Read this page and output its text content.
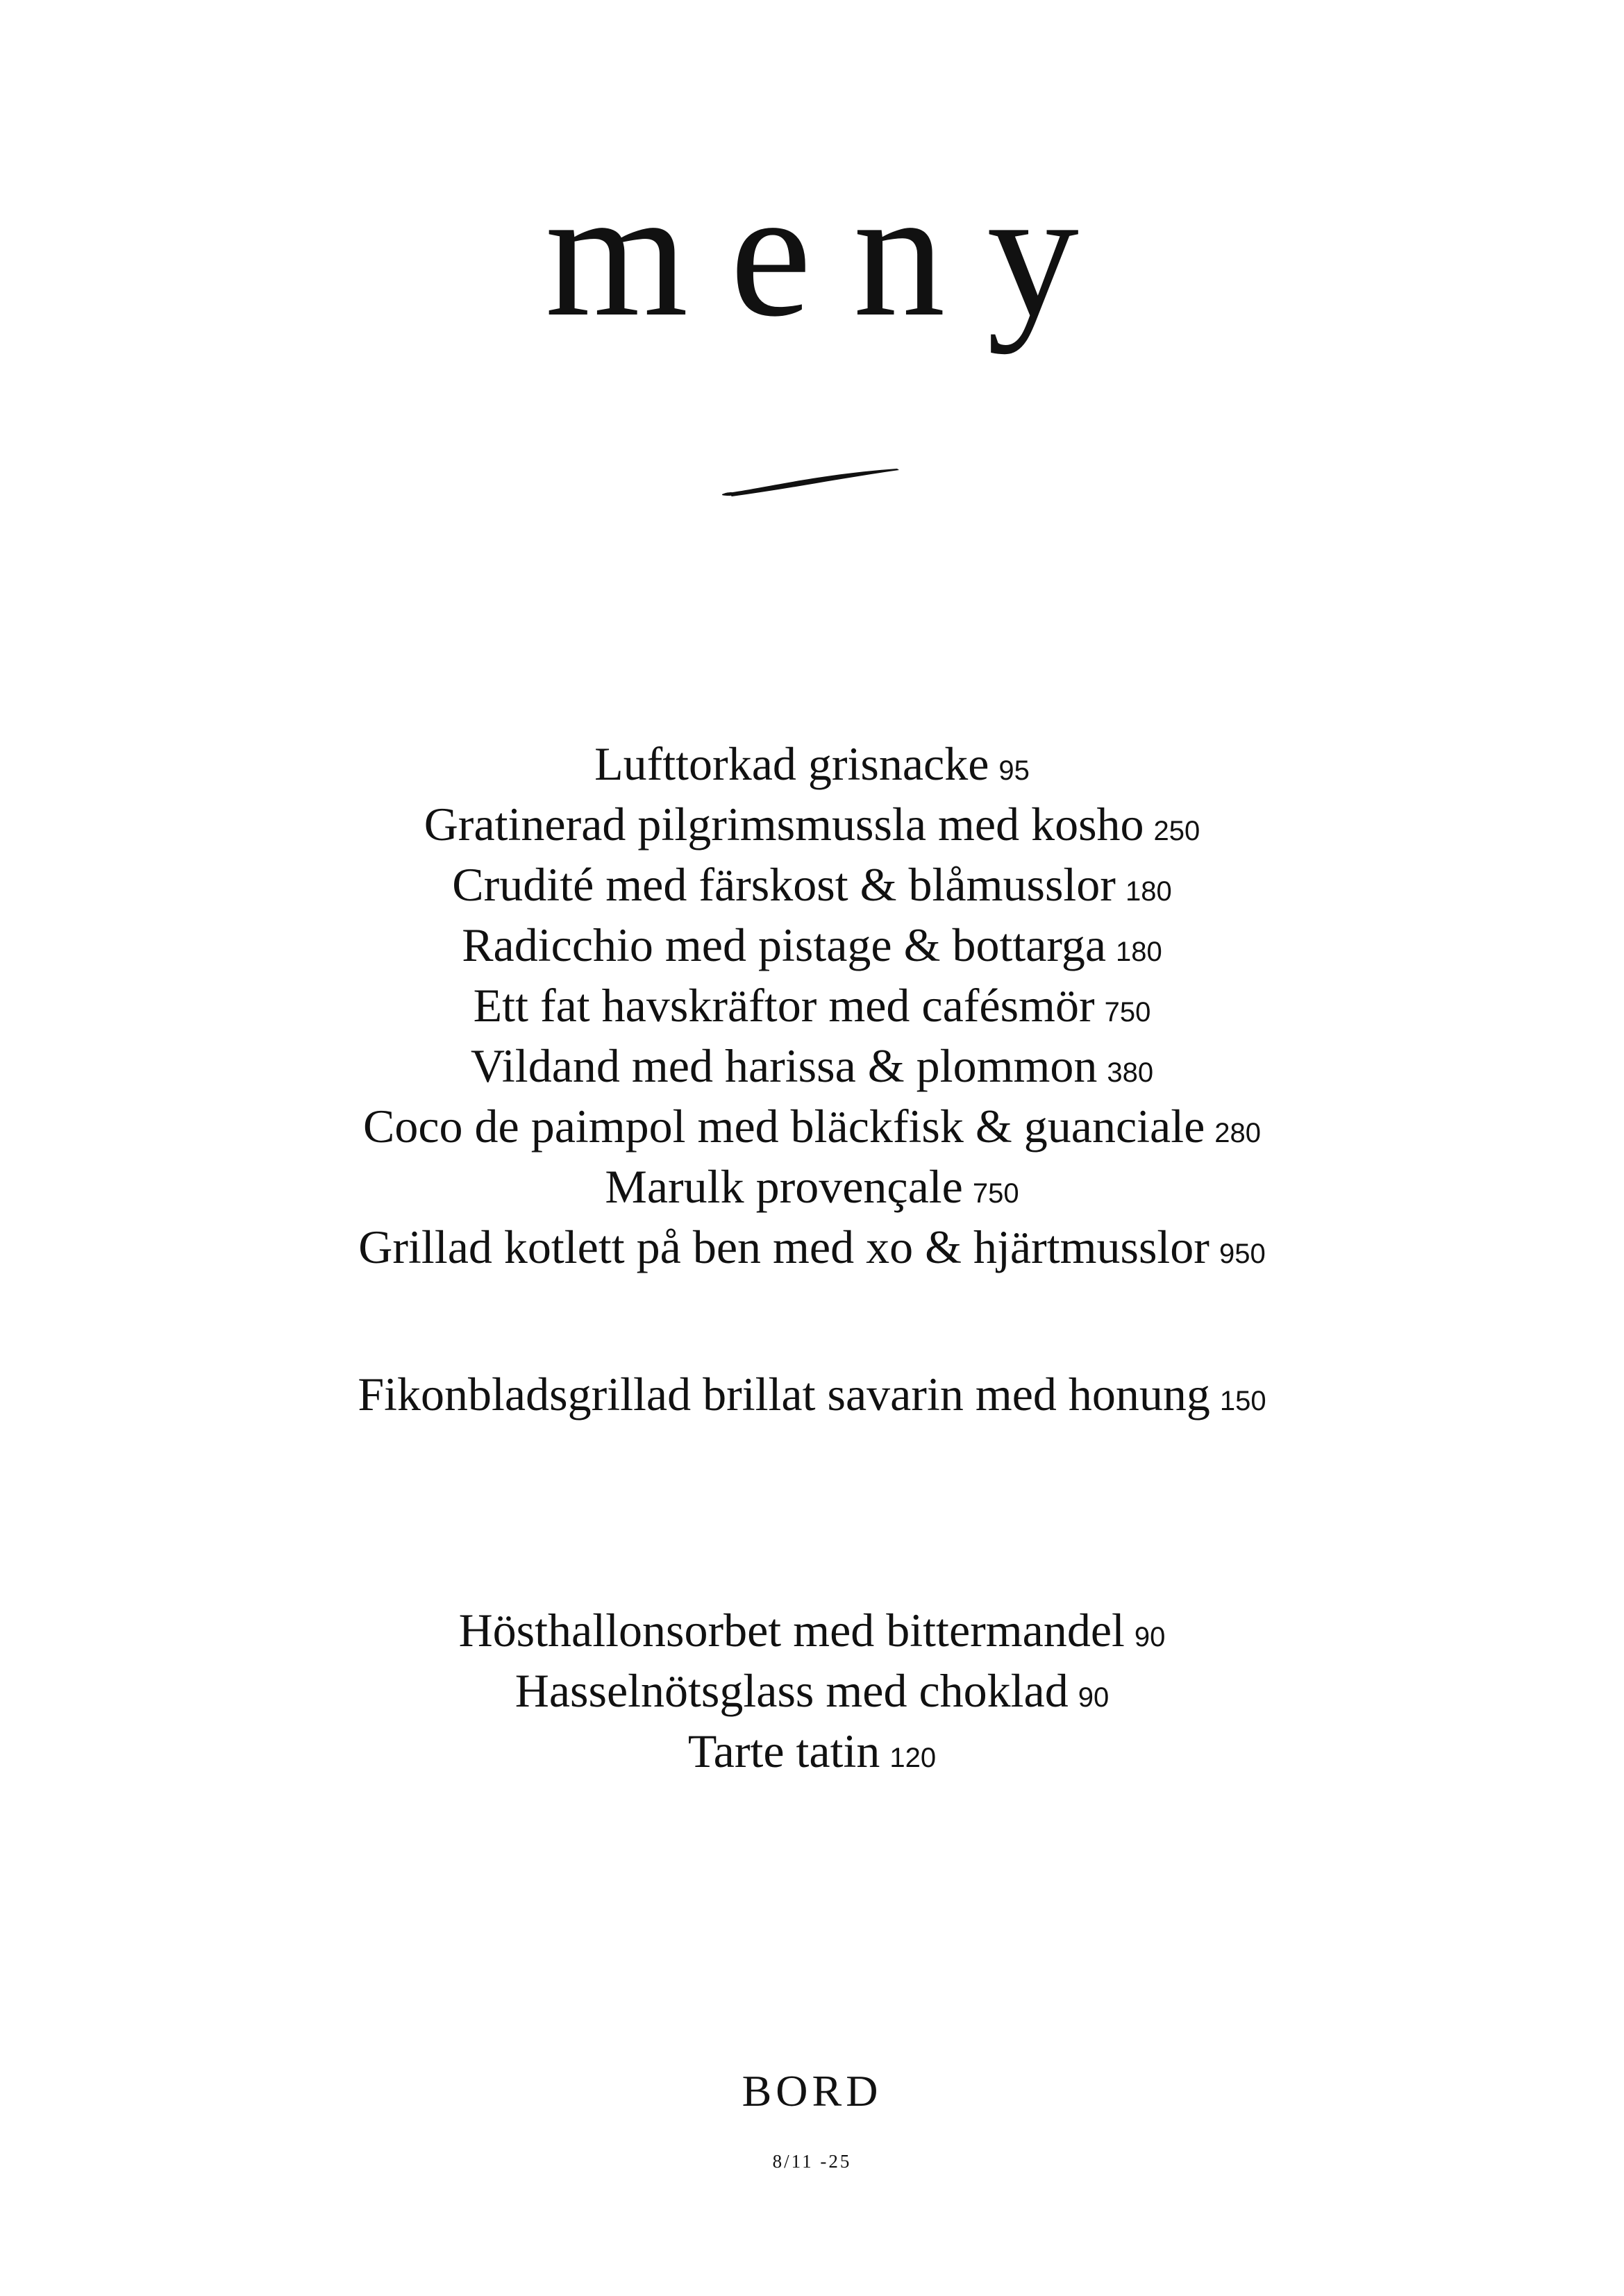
meny
Lufttorkad grisnacke 95
Gratinerad pilgrimsmussla med kosho 250
Crudité med färskost & blåmusslor 180
Radicchio med pistage & bottarga 180
Ett fat havskräftor med cafésmör 750
Vildand med harissa & plommon 380
Coco de paimpol med bläckfisk & guanciale 280
Marulk provençale 750
Grillad kotlett på ben med xo & hjärtmusslor 950
Fikonbladsgrillad brillat savarin med honung 150
Hösthallonsorbet med bittermandel 90
Hasselnötsglass med choklad 90
Tarte tatin 120
BORD
8/11 -25
